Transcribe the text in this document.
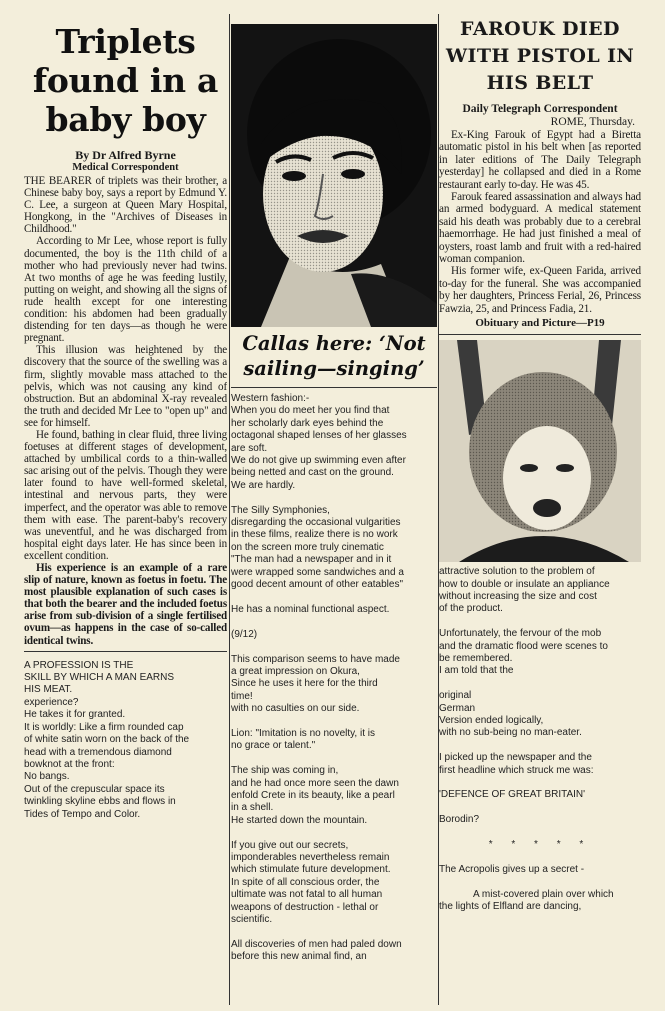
Triplets
found in a
baby boy
By Dr Alfred Byrne
Medical Correspondent

THE BEARER of triplets was their brother, a Chinese baby boy, says a report by Edmund Y. C. Lee, a surgeon at Queen Mary Hospital, Hongkong, in the "Archives of Diseases in Childhood."

According to Mr Lee, whose report is fully documented, the boy is the 11th child of a mother who had previously never had twins. At two months of age he was feeding lustily, putting on weight, and showing all the signs of rude health except for one interesting condition: his abdomen had been gradually distending for ten days—as though he were pregnant.

This illusion was heightened by the discovery that the source of the swelling was a firm, slightly movable mass attached to the pelvis, which was not causing any kind of obstruction. But an abdominal X-ray revealed the truth and decided Mr Lee to "open up" and see for himself.

He found, bathing in clear fluid, three living foetuses at different stages of development, attached by umbilical cords to a thin-walled sac arising out of the pelvis. Though they were later found to have well-formed skeletal, intestinal and nervous parts, they were imperfect, and the operator was able to remove them with ease. The parent-baby's recovery was uneventful, and he was discharged from hospital eight days later. He has since been in excellent condition.

His experience is an example of a rare slip of nature, known as foetus in foetu. The most plausible explanation of such cases is that both the bearer and the included foetus arise from sub-division of a single fertilised ovum—as happens in the case of so-called identical twins.

A PROFESSION IS THE
SKILL BY WHICH A MAN EARNS
HIS MEAT.
experience?
He takes it for granted.
It is worldly: Like a firm rounded cap
of white satin worn on the back of the
head with a tremendous diamond
bowknot at the front:
No bangs.
Out of the crepuscular space its
twinkling skyline ebbs and flows in
Tides of Tempo and Color.
Callas here: ‘Not
sailing—singing’
Western fashion:-
When you do meet her you find that
her scholarly dark eyes behind the
octagonal shaped lenses of her glasses
are soft.
We do not give up swimming even after
being netted and cast on the ground.
We are hardly.

The Silly Symphonies,
disregarding the occasional vulgarities
in these films, realize there is no work
on the screen more truly cinematic
"The man had a newspaper and in it
were wrapped some sandwiches and a
good decent amount of other eatables"

He has a nominal functional aspect.

(9/12)

This comparison seems to have made
a great impression on Okura,
Since he uses it here for the third
time!
with no casulties on our side.

Lion: "Imitation is no novelty, it is
no grace or talent."

The ship was coming in,
and he had once more seen the dawn
enfold Crete in its beauty, like a pearl
in a shell.
He started down the mountain.

If you give out our secrets,
imponderables nevertheless remain
which stimulate future development.
In spite of all conscious order, the
ultimate was not fatal to all human
weapons of destruction - lethal or
scientific.

All discoveries of men had paled down
before this new animal find, an
FAROUK DIED
WITH PISTOL IN
HIS BELT
Daily Telegraph Correspondent
ROME, Thursday.

Ex-King Farouk of Egypt had a Biretta automatic pistol in his belt when [as reported in later editions of The Daily Telegraph yesterday] he collapsed and died in a Rome restaurant early to-day. He was 45.

Farouk feared assassination and always had an armed bodyguard. A medical statement said his death was probably due to a cerebral haemorrhage. He had just finished a meal of oysters, roast lamb and fruit with a red-haired woman companion.

His former wife, ex-Queen Farida, arrived to-day for the funeral. She was accompanied by her daughters, Princess Ferial, 26, Princess Fawzia, 25, and Princess Fadia, 21.

Obituary and Picture—P19
attractive solution to the problem of
how to double or insulate an appliance
without increasing the size and cost
of the product.

Unfortunately, the fervour of the mob
and the dramatic flood were scenes to
be remembered.
I am told that the

original
German
Version ended logically,
with no sub-being no man-eater.

I picked up the newspaper and the
first headline which struck me was:

'DEFENCE OF GREAT BRITAIN'

Borodin?

* * * * *

The Acropolis gives up a secret -

A mist-covered plain over which
the lights of Elfland are dancing,
